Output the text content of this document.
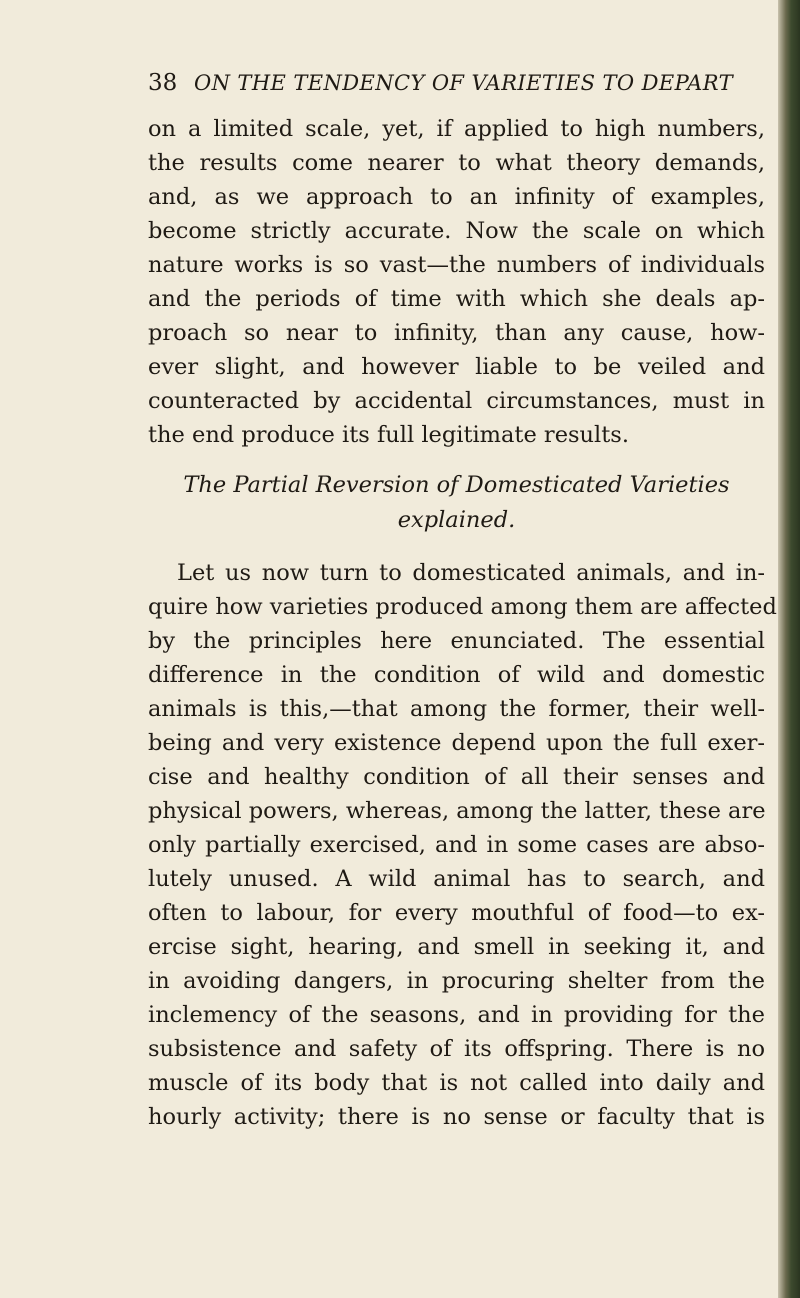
38 ON THE TENDENCY OF VARIETIES TO DEPART
on a limited scale, yet, if applied to high numbers,
the results come nearer to what theory demands,
and, as we approach to an infinity of examples,
become strictly accurate. Now the scale on which
nature works is so vast—the numbers of individuals
and the periods of time with which she deals ap-
proach so near to infinity, than any cause, how-
ever slight, and however liable to be veiled and
counteracted by accidental circumstances, must in
the end produce its full legitimate results.
The Partial Reversion of Domesticated Varieties
explained.
Let us now turn to domesticated animals, and in-
quire how varieties produced among them are affected
by the principles here enunciated. The essential
difference in the condition of wild and domestic
animals is this,—that among the former, their well-
being and very existence depend upon the full exer-
cise and healthy condition of all their senses and
physical powers, whereas, among the latter, these are
only partially exercised, and in some cases are abso-
lutely unused. A wild animal has to search, and
often to labour, for every mouthful of food—to ex-
ercise sight, hearing, and smell in seeking it, and
in avoiding dangers, in procuring shelter from the
inclemency of the seasons, and in providing for the
subsistence and safety of its offspring. There is no
muscle of its body that is not called into daily and
hourly activity; there is no sense or faculty that is
